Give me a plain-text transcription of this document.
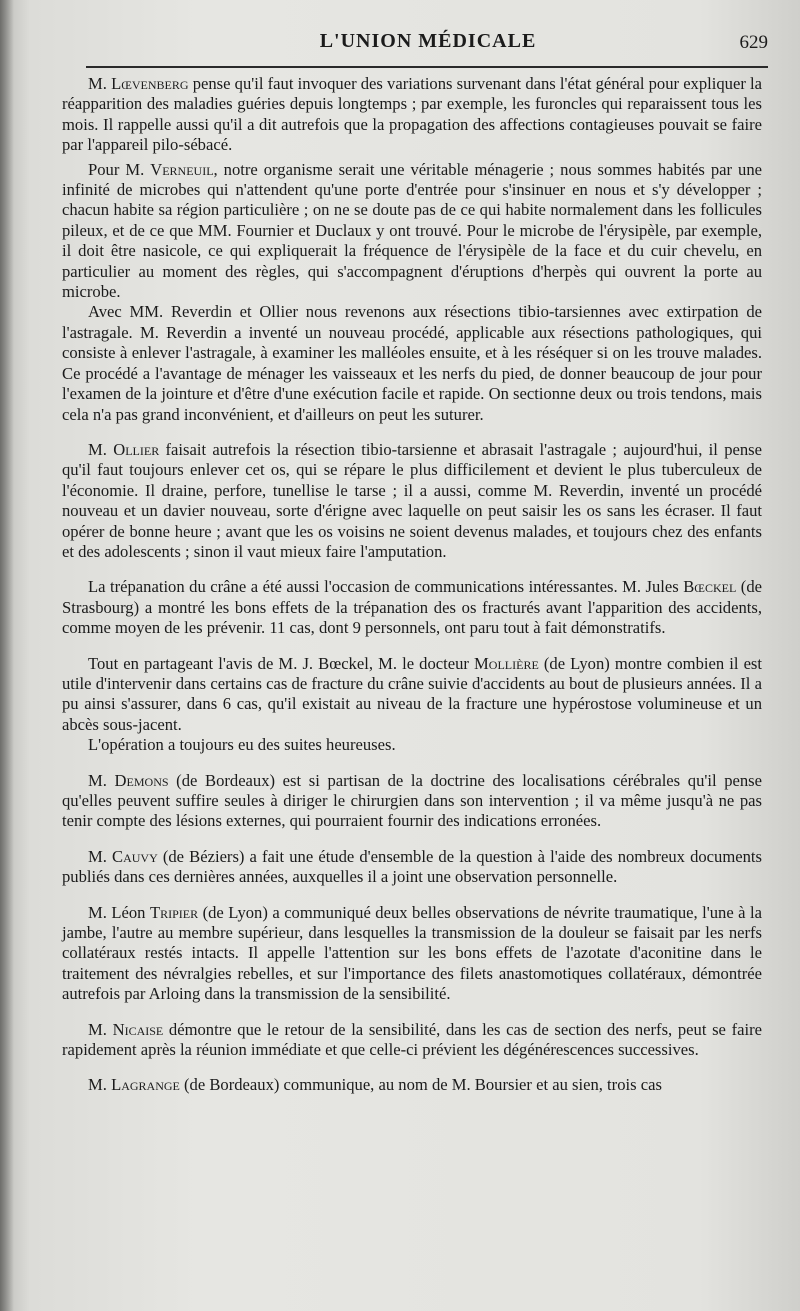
L'UNION MÉDICALE	629

M. Lœvenberg pense qu'il faut invoquer des variations survenant dans l'état général pour expliquer la réapparition des maladies guéries depuis longtemps ; par exemple, les furoncles qui reparaissent tous les mois. Il rappelle aussi qu'il a dit autrefois que la propagation des affections contagieuses pouvait se faire par l'appareil pilo-sébacé.

Pour M. Verneuil, notre organisme serait une véritable ménagerie ; nous sommes habités par une infinité de microbes qui n'attendent qu'une porte d'entrée pour s'insinuer en nous et s'y développer ; chacun habite sa région particulière ; on ne se doute pas de ce qui habite normalement dans les follicules pileux, et de ce que MM. Fournier et Duclaux y ont trouvé. Pour le microbe de l'érysipèle, par exemple, il doit être nasicole, ce qui expliquerait la fréquence de l'érysipèle de la face et du cuir chevelu, en particulier au moment des règles, qui s'accompagnent d'éruptions d'herpès qui ouvrent la porte au microbe.

Avec MM. Reverdin et Ollier nous revenons aux résections tibio-tarsiennes avec extirpation de l'astragale. M. Reverdin a inventé un nouveau procédé, applicable aux résections pathologiques, qui consiste à enlever l'astragale, à examiner les malléoles ensuite, et à les réséquer si on les trouve malades. Ce procédé a l'avantage de ménager les vaisseaux et les nerfs du pied, de donner beaucoup de jour pour l'examen de la jointure et d'être d'une exécution facile et rapide. On sectionne deux ou trois tendons, mais cela n'a pas grand inconvénient, et d'ailleurs on peut les suturer.

M. Ollier faisait autrefois la résection tibio-tarsienne et abrasait l'astragale ; aujourd'hui, il pense qu'il faut toujours enlever cet os, qui se répare le plus difficilement et devient le plus tuberculeux de l'économie. Il draine, perfore, tunellise le tarse ; il a aussi, comme M. Reverdin, inventé un procédé nouveau et un davier nouveau, sorte d'érigne avec laquelle on peut saisir les os sans les écraser. Il faut opérer de bonne heure ; avant que les os voisins ne soient devenus malades, et toujours chez des enfants et des adolescents ; sinon il vaut mieux faire l'amputation.

La trépanation du crâne a été aussi l'occasion de communications intéressantes. M. Jules Bœckel (de Strasbourg) a montré les bons effets de la trépanation des os fracturés avant l'apparition des accidents, comme moyen de les prévenir. 11 cas, dont 9 personnels, ont paru tout à fait démonstratifs.

Tout en partageant l'avis de M. J. Bœckel, M. le docteur Mollière (de Lyon) montre combien il est utile d'intervenir dans certains cas de fracture du crâne suivie d'accidents au bout de plusieurs années. Il a pu ainsi s'assurer, dans 6 cas, qu'il existait au niveau de la fracture une hypérostose volumineuse et un abcès sous-jacent.

L'opération a toujours eu des suites heureuses.

M. Demons (de Bordeaux) est si partisan de la doctrine des localisations cérébrales qu'il pense qu'elles peuvent suffire seules à diriger le chirurgien dans son intervention ; il va même jusqu'à ne pas tenir compte des lésions externes, qui pourraient fournir des indications erronées.

M. Cauvy (de Béziers) a fait une étude d'ensemble de la question à l'aide des nombreux documents publiés dans ces dernières années, auxquelles il a joint une observation personnelle.

M. Léon Tripier (de Lyon) a communiqué deux belles observations de névrite traumatique, l'une à la jambe, l'autre au membre supérieur, dans lesquelles la transmission de la douleur se faisait par les nerfs collatéraux restés intacts. Il appelle l'attention sur les bons effets de l'azotate d'aconitine dans le traitement des névralgies rebelles, et sur l'importance des filets anastomotiques collatéraux, démontrée autrefois par Arloing dans la transmission de la sensibilité.

M. Nicaise démontre que le retour de la sensibilité, dans les cas de section des nerfs, peut se faire rapidement après la réunion immédiate et que celle-ci prévient les dégénérescences successives.

M. Lagrange (de Bordeaux) communique, au nom de M. Boursier et au sien, trois cas
